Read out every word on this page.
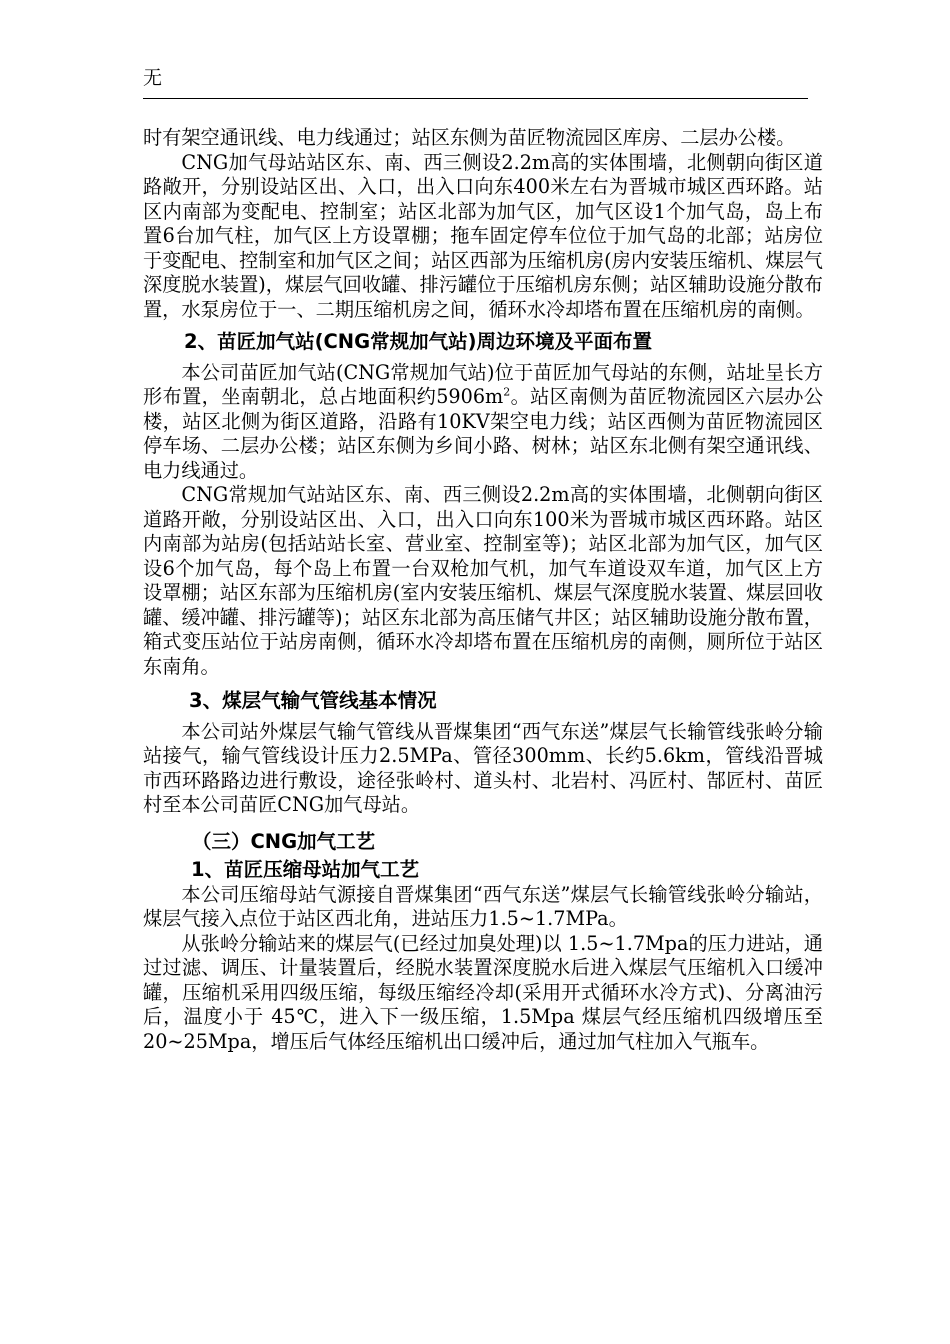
无

时有架空通讯线、电力线通过；站区东侧为苗匠物流园区库房、二层办公楼。

CNG加气母站站区东、南、西三侧设2.2m高的实体围墙，北侧朝向街区道路敞开，分别设站区出、入口，出入口向东400米左右为晋城市城区西环路。站区内南部为变配电、控制室；站区北部为加气区，加气区设1个加气岛，岛上布置6台加气柱，加气区上方设罩棚；拖车固定停车位位于加气岛的北部；站房位于变配电、控制室和加气区之间；站区西部为压缩机房(房内安装压缩机、煤层气深度脱水装置)，煤层气回收罐、排污罐位于压缩机房东侧；站区辅助设施分散布置，水泵房位于一、二期压缩机房之间，循环水冷却塔布置在压缩机房的南侧。

2、苗匠加气站(CNG常规加气站)周边环境及平面布置

本公司苗匠加气站(CNG常规加气站)位于苗匠加气母站的东侧，站址呈长方形布置，坐南朝北，总占地面积约$5906m^2$。站区南侧为苗匠物流园区六层办公楼，站区北侧为街区道路，沿路有10KV架空电力线；站区西侧为苗匠物流园区停车场、二层办公楼；站区东侧为乡间小路、树林；站区东北侧有架空通讯线、电力线通过。

CNG常规加气站站区东、南、西三侧设2.2m高的实体围墙，北侧朝向街区道路开敞，分别设站区出、入口，出入口向东100米为晋城市城区西环路。站区内南部为站房(包括站站长室、营业室、控制室等)；站区北部为加气区，加气区设6个加气岛，每个岛上布置一台双枪加气机，加气车道设双车道，加气区上方设罩棚；站区东部为压缩机房(室内安装压缩机、煤层气深度脱水装置、煤层回收罐、缓冲罐、排污罐等)；站区东北部为高压储气井区；站区辅助设施分散布置，箱式变压站位于站房南侧，循环水冷却塔布置在压缩机房的南侧，厕所位于站区东南角。

3、煤层气输气管线基本情况

本公司站外煤层气输气管线从晋煤集团“西气东送”煤层气长输管线张岭分输站接气，输气管线设计压力2.5MPa、管径300mm、长约5.6km，管线沿晋城市西环路路边进行敷设，途径张岭村、道头村、北岩村、冯匠村、郜匠村、苗匠村至本公司苗匠CNG加气母站。

（三）CNG加气工艺
1、苗匠压缩母站加气工艺

本公司压缩母站气源接自晋煤集团“西气东送”煤层气长输管线张岭分输站，煤层气接入点位于站区西北角，进站压力1.5~1.7MPa。

从张岭分输站来的煤层气(已经过加臭处理)以 1.5~1.7Mpa的压力进站，通过过滤、调压、计量装置后，经脱水装置深度脱水后进入煤层气压缩机入口缓冲罐，压缩机采用四级压缩，每级压缩经冷却(采用开式循环水冷方式)、分离油污后，温度小于 45℃，进入下一级压缩，1.5Mpa 煤层气经压缩机四级增压至 20~25Mpa，增压后气体经压缩机出口缓冲后，通过加气柱加入气瓶车。
